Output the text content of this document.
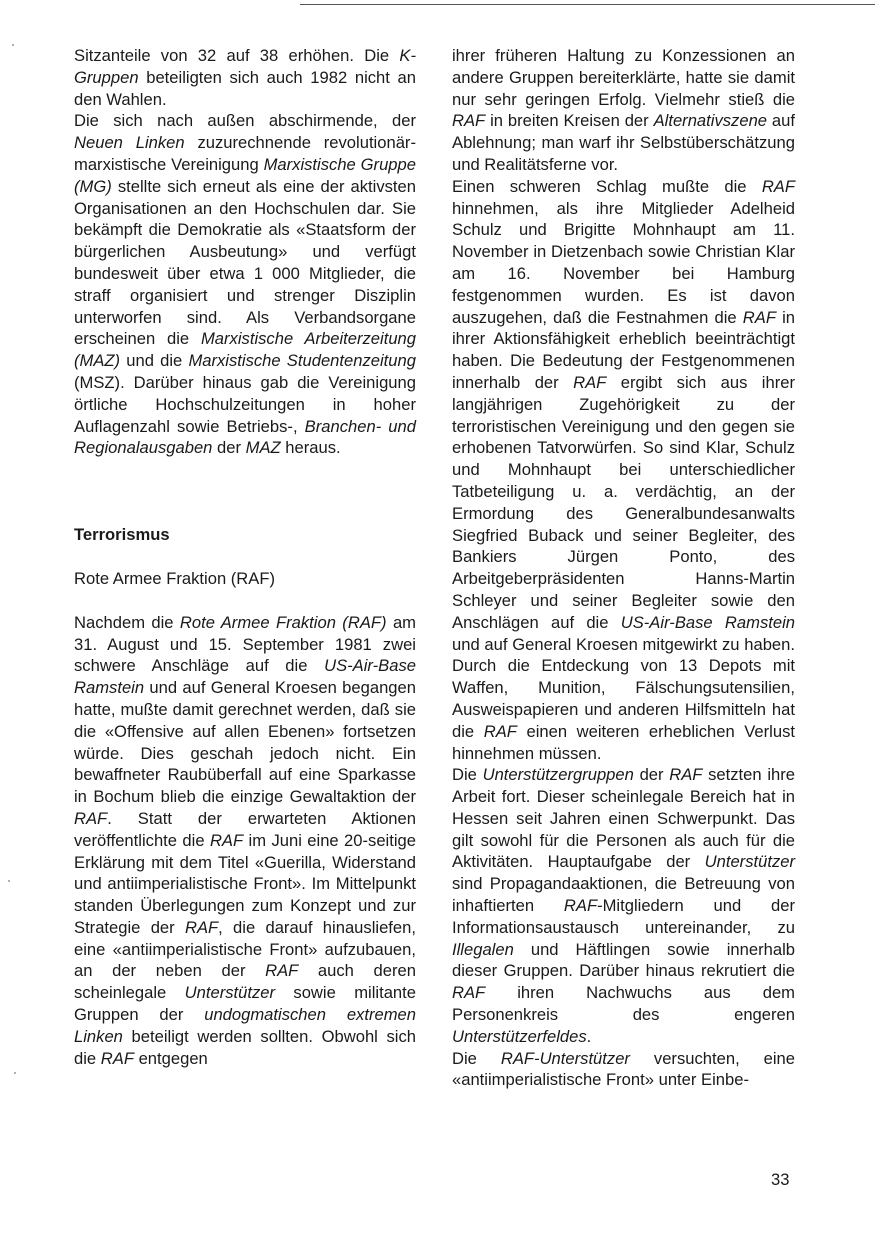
Sitzanteile von 32 auf 38 erhöhen. Die K-Gruppen beteiligten sich auch 1982 nicht an den Wahlen.

Die sich nach außen abschirmende, der Neuen Linken zuzurechnende revolutionär-marxistische Vereinigung Marxistische Gruppe (MG) stellte sich erneut als eine der aktivsten Organisationen an den Hochschulen dar. Sie bekämpft die Demokratie als «Staatsform der bürgerlichen Ausbeutung» und verfügt bundesweit über etwa 1 000 Mitglieder, die straff organisiert und strenger Disziplin unterworfen sind. Als Verbandsorgane erscheinen die Marxistische Arbeiterzeitung (MAZ) und die Marxistische Studentenzeitung (MSZ). Darüber hinaus gab die Vereinigung örtliche Hochschulzeitungen in hoher Auflagenzahl sowie Betriebs-, Branchen- und Regionalausgaben der MAZ heraus.

Terrorismus

Rote Armee Fraktion (RAF)

Nachdem die Rote Armee Fraktion (RAF) am 31. August und 15. September 1981 zwei schwere Anschläge auf die US-Air-Base Ramstein und auf General Kroesen begangen hatte, mußte damit gerechnet werden, daß sie die «Offensive auf allen Ebenen» fortsetzen würde. Dies geschah jedoch nicht. Ein bewaffneter Raubüberfall auf eine Sparkasse in Bochum blieb die einzige Gewaltaktion der RAF. Statt der erwarteten Aktionen veröffentlichte die RAF im Juni eine 20-seitige Erklärung mit dem Titel «Guerilla, Widerstand und antiimperialistische Front». Im Mittelpunkt standen Überlegungen zum Konzept und zur Strategie der RAF, die darauf hinausliefen, eine «antiimperialistische Front» aufzubauen, an der neben der RAF auch deren scheinlegale Unterstützer sowie militante Gruppen der undogmatischen extremen Linken beteiligt werden sollten. Obwohl sich die RAF entgegen

ihrer früheren Haltung zu Konzessionen an andere Gruppen bereiterklärte, hatte sie damit nur sehr geringen Erfolg. Vielmehr stieß die RAF in breiten Kreisen der Alternativszene auf Ablehnung; man warf ihr Selbstüberschätzung und Realitätsferne vor.

Einen schweren Schlag mußte die RAF hinnehmen, als ihre Mitglieder Adelheid Schulz und Brigitte Mohnhaupt am 11. November in Dietzenbach sowie Christian Klar am 16. November bei Hamburg festgenommen wurden. Es ist davon auszugehen, daß die Festnahmen die RAF in ihrer Aktionsfähigkeit erheblich beeinträchtigt haben. Die Bedeutung der Festgenommenen innerhalb der RAF ergibt sich aus ihrer langjährigen Zugehörigkeit zu der terroristischen Vereinigung und den gegen sie erhobenen Tatvorwürfen. So sind Klar, Schulz und Mohnhaupt bei unterschiedlicher Tatbeteiligung u. a. verdächtig, an der Ermordung des Generalbundesanwalts Siegfried Buback und seiner Begleiter, des Bankiers Jürgen Ponto, des Arbeitgeberpräsidenten Hanns-Martin Schleyer und seiner Begleiter sowie den Anschlägen auf die US-Air-Base Ramstein und auf General Kroesen mitgewirkt zu haben. Durch die Entdeckung von 13 Depots mit Waffen, Munition, Fälschungsutensilien, Ausweispapieren und anderen Hilfsmitteln hat die RAF einen weiteren erheblichen Verlust hinnehmen müssen.

Die Unterstützergruppen der RAF setzten ihre Arbeit fort. Dieser scheinlegale Bereich hat in Hessen seit Jahren einen Schwerpunkt. Das gilt sowohl für die Personen als auch für die Aktivitäten. Hauptaufgabe der Unterstützer sind Propagandaaktionen, die Betreuung von inhaftierten RAF-Mitgliedern und der Informationsaustausch untereinander, zu Illegalen und Häftlingen sowie innerhalb dieser Gruppen. Darüber hinaus rekrutiert die RAF ihren Nachwuchs aus dem Personenkreis des engeren Unterstützerfeldes.

Die RAF-Unterstützer versuchten, eine «antiimperialistische Front» unter Einbe-

33
